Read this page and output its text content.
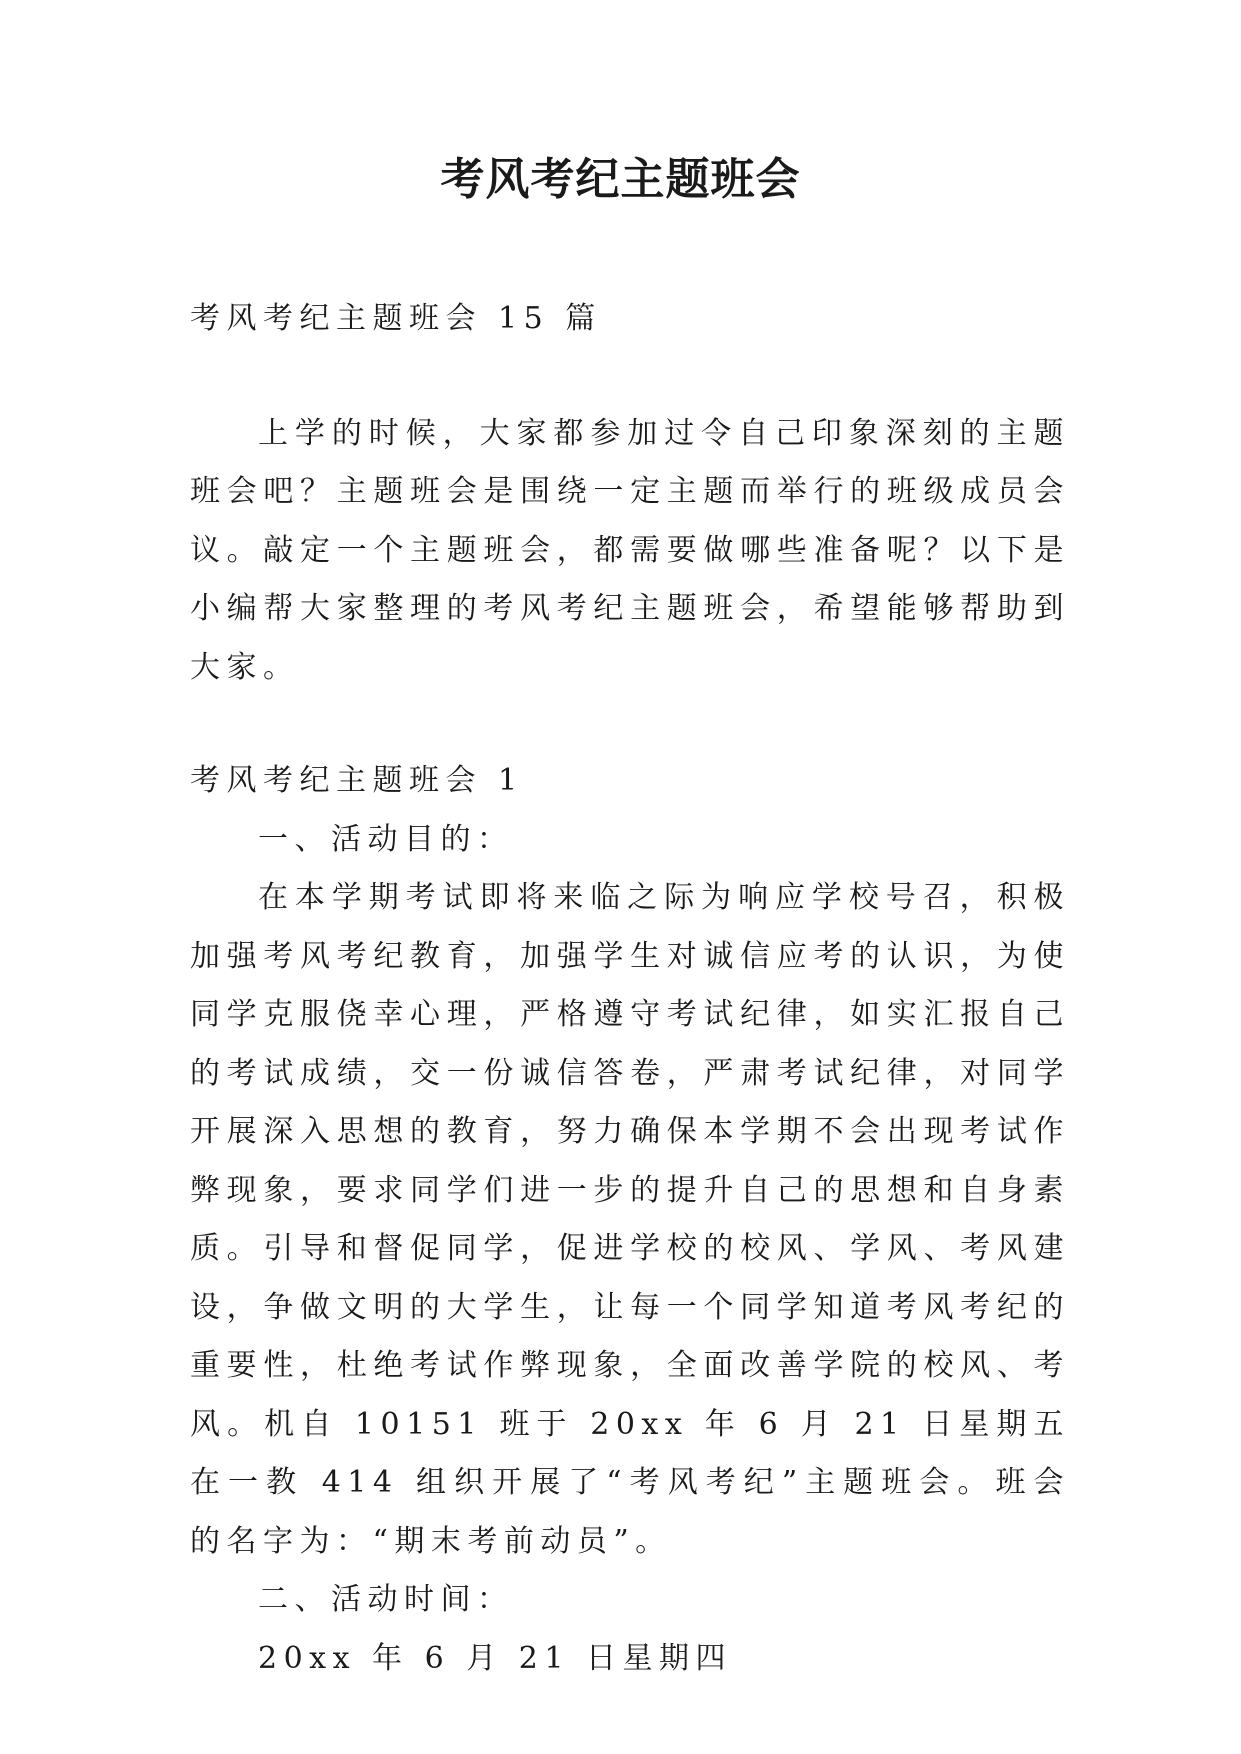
考风考纪主题班会

考风考纪主题班会 15 篇

上学的时候，大家都参加过令自己印象深刻的主题班会吧？主题班会是围绕一定主题而举行的班级成员会议。敲定一个主题班会，都需要做哪些准备呢？以下是小编帮大家整理的考风考纪主题班会，希望能够帮助到大家。

考风考纪主题班会 1

一、活动目的：

在本学期考试即将来临之际为响应学校号召，积极加强考风考纪教育，加强学生对诚信应考的认识，为使同学克服侥幸心理，严格遵守考试纪律，如实汇报自己的考试成绩，交一份诚信答卷，严肃考试纪律，对同学开展深入思想的教育，努力确保本学期不会出现考试作弊现象，要求同学们进一步的提升自己的思想和自身素质。引导和督促同学，促进学校的校风、学风、考风建设，争做文明的大学生，让每一个同学知道考风考纪的重要性，杜绝考试作弊现象，全面改善学院的校风、考风。机自 10151 班于 20xx 年 6 月 21 日星期五在一教 414 组织开展了“考风考纪”主题班会。班会的名字为：“期末考前动员”。

二、活动时间：

20xx 年 6 月 21 日星期四
